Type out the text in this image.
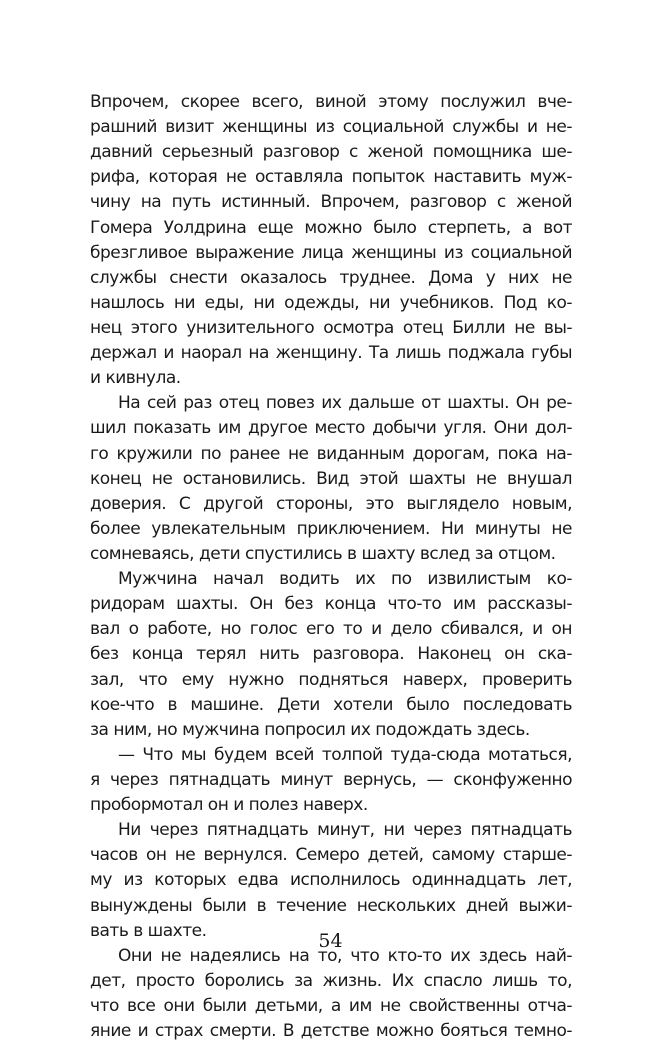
Впрочем, скорее всего, виной этому послужил вче-
рашний визит женщины из социальной службы и не-
давний серьезный разговор с женой помощника ше-
рифа, которая не оставляла попыток наставить муж-
чину на путь истинный. Впрочем, разговор с женой
Гомера Уолдрина еще можно было стерпеть, а вот
брезгливое выражение лица женщины из социальной
службы снести оказалось труднее. Дома у них не
нашлось ни еды, ни одежды, ни учебников. Под ко-
нец этого унизительного осмотра отец Билли не вы-
держал и наорал на женщину. Та лишь поджала губы
и кивнула.
На сей раз отец повез их дальше от шахты. Он ре-
шил показать им другое место добычи угля. Они дол-
го кружили по ранее не виданным дорогам, пока на-
конец не остановились. Вид этой шахты не внушал
доверия. С другой стороны, это выглядело новым,
более увлекательным приключением. Ни минуты не
сомневаясь, дети спустились в шахту вслед за отцом.
Мужчина начал водить их по извилистым ко-
ридорам шахты. Он без конца что-то им рассказы-
вал о работе, но голос его то и дело сбивался, и он
без конца терял нить разговора. Наконец он ска-
зал, что ему нужно подняться наверх, проверить
кое-что в машине. Дети хотели было последовать
за ним, но мужчина попросил их подождать здесь.
— Что мы будем всей толпой туда-сюда мотаться,
я через пятнадцать минут вернусь, — сконфуженно
пробормотал он и полез наверх.
Ни через пятнадцать минут, ни через пятнадцать
часов он не вернулся. Семеро детей, самому старше-
му из которых едва исполнилось одиннадцать лет,
вынуждены были в течение нескольких дней выжи-
вать в шахте.
Они не надеялись на то, что кто-то их здесь най-
дет, просто боролись за жизнь. Их спасло лишь то,
что все они были детьми, а им не свойственны отча-
яние и страх смерти. В детстве можно бояться темно-
54
